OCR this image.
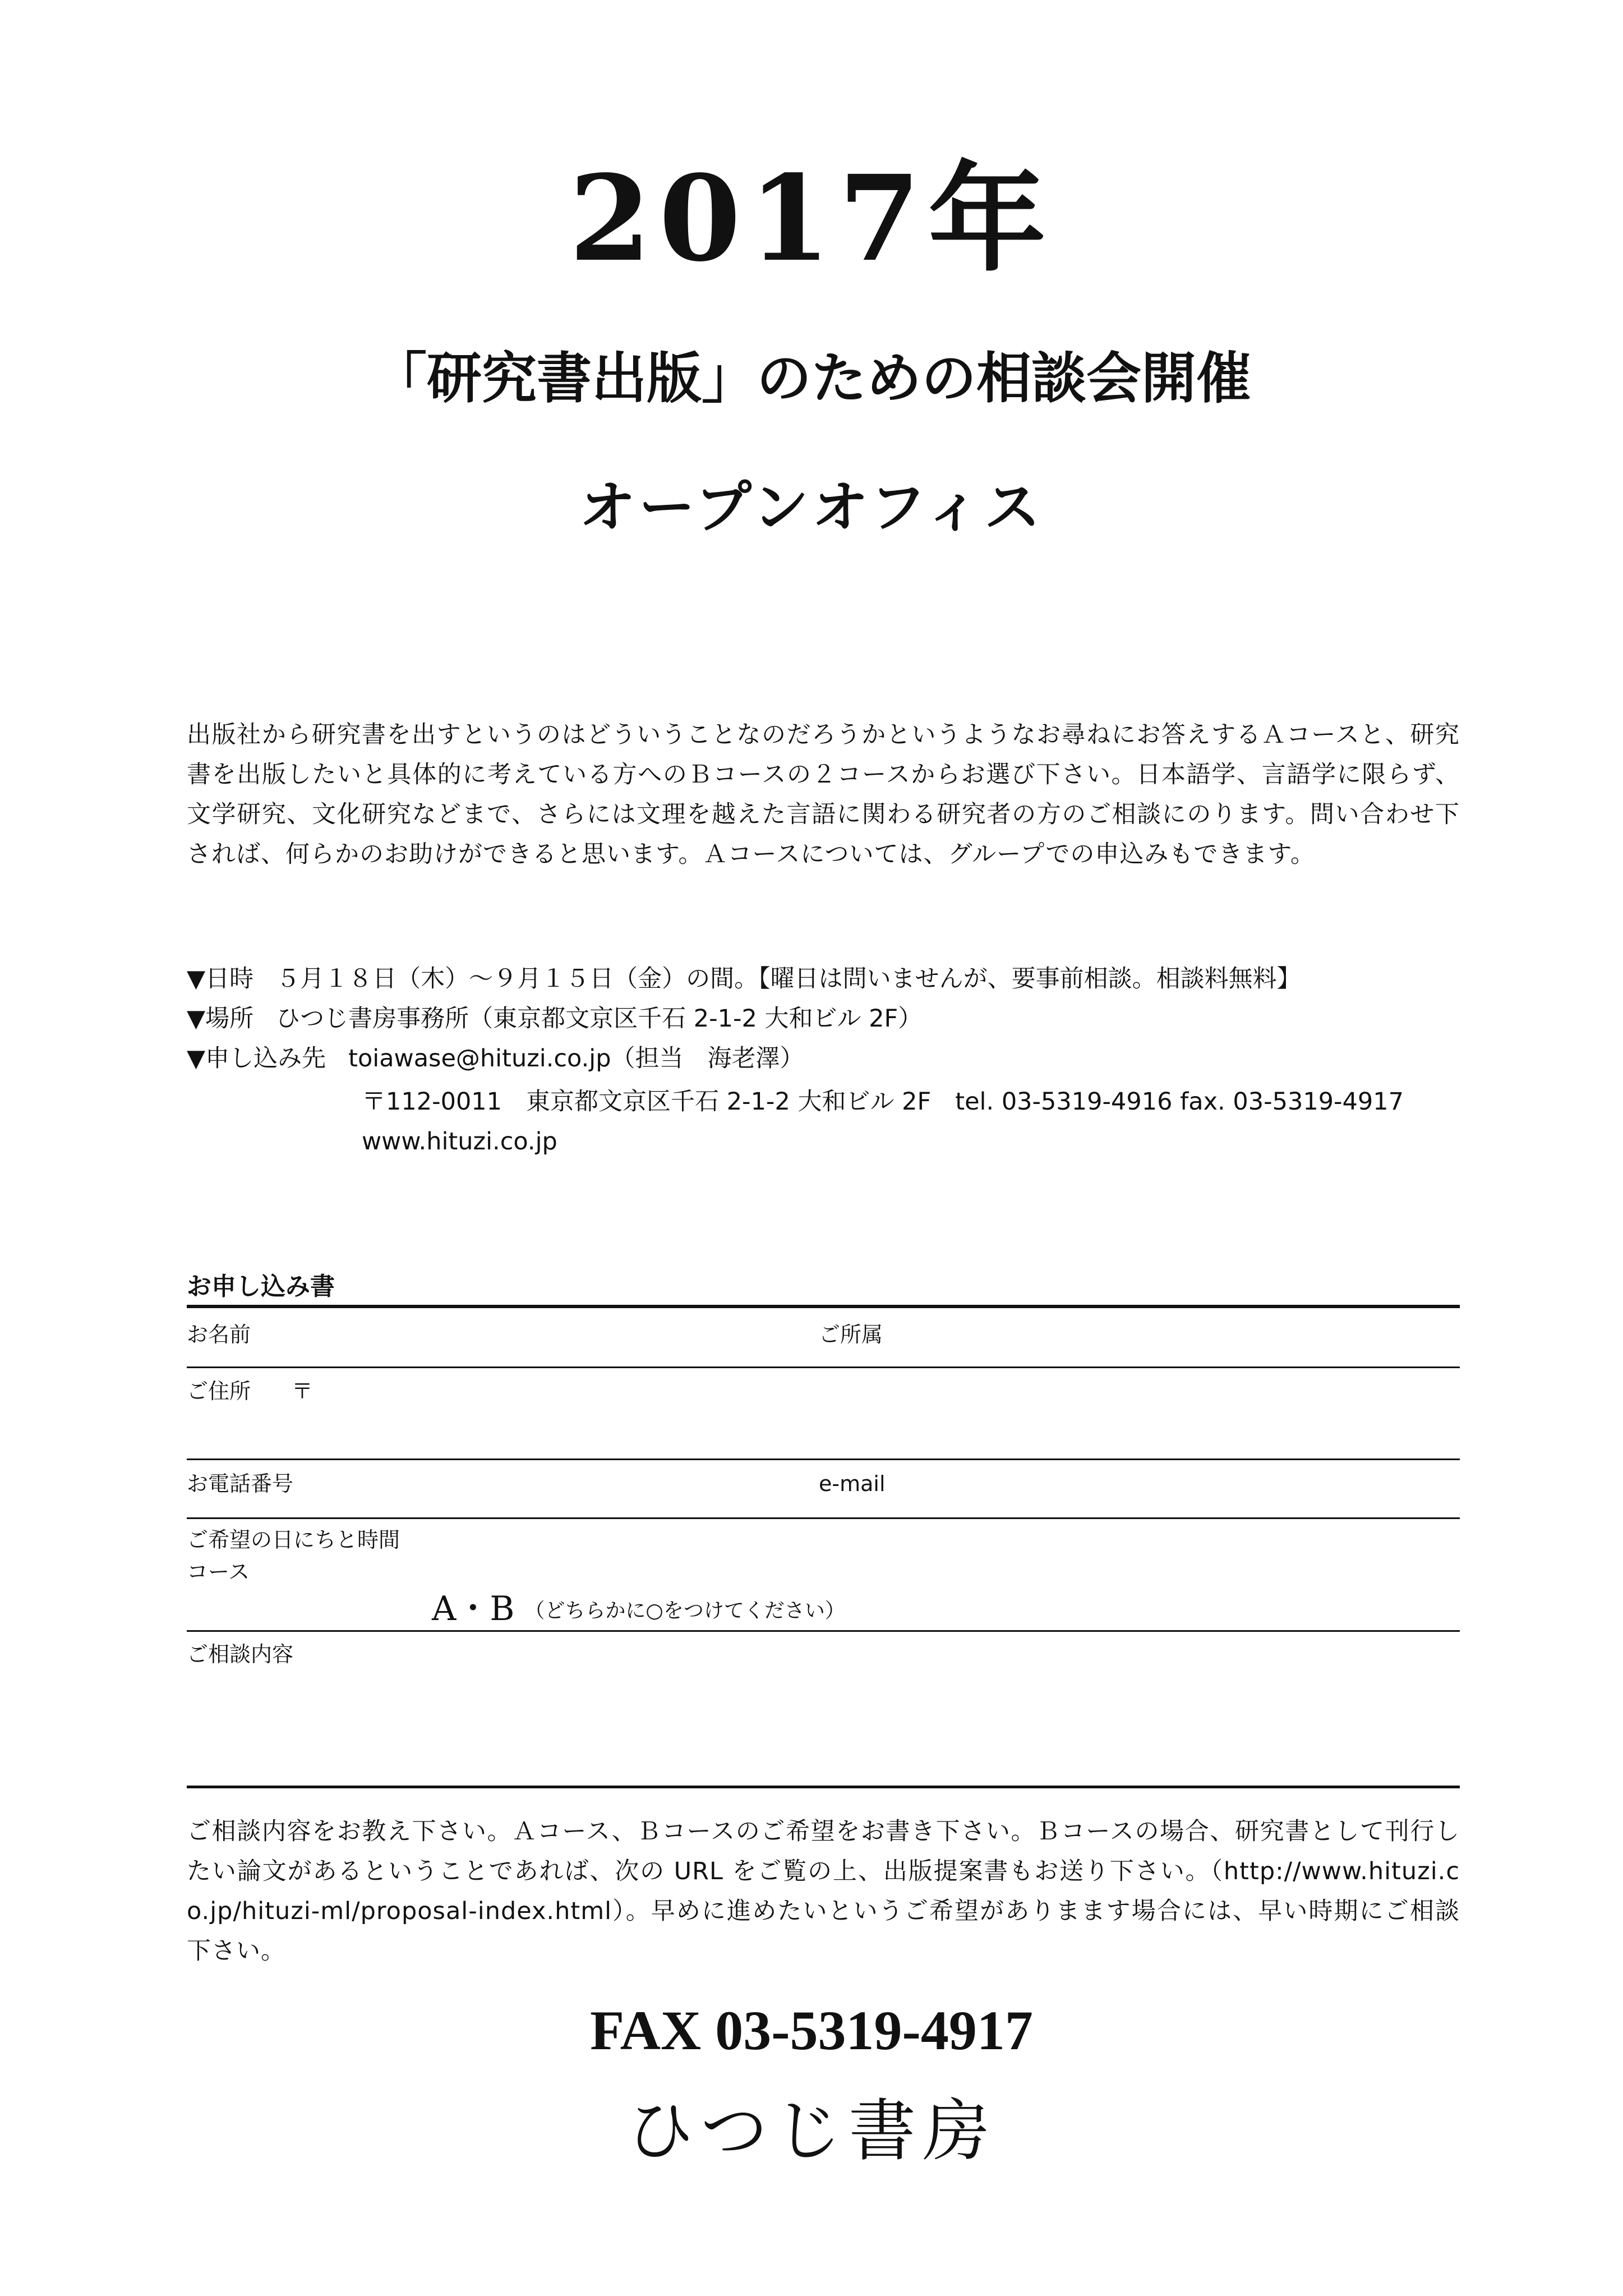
2017年
「研究書出版」のための相談会開催
オープンオフィス
出版社から研究書を出すというのはどういうことなのだろうかというようなお尋ねにお答えするＡコースと、研究書を出版したいと具体的に考えている方へのＢコースの２コースからお選び下さい。日本語学、言語学に限らず、文学研究、文化研究などまで、さらには文理を越えた言語に関わる研究者の方のご相談にのります。問い合わせ下されば、何らかのお助けができると思います。Ａコースについては、グループでの申込みもできます。
▼日時 ５月１８日（木）〜９月１５日（金）の間。【曜日は問いませんが、要事前相談。相談料無料】
▼場所 ひつじ書房事務所（東京都文京区千石 2-1-2 大和ビル 2F）
▼申し込み先 toiawase@hituzi.co.jp（担当　海老澤）
〒112-0011　東京都文京区千石 2-1-2 大和ビル 2F　tel. 03-5319-4916 fax. 03-5319-4917
www.hituzi.co.jp
お申し込み書
お名前	ご所属
ご住所 〒
お電話番号	e-mail
ご希望の日にちと時間
コース
A・B （どちらかに○をつけてください）
ご相談内容
ご相談内容をお教え下さい。Ａコース、Ｂコースのご希望をお書き下さい。Ｂコースの場合、研究書として刊行したい論文があるということであれば、次の URL をご覧の上、出版提案書もお送り下さい。（http://www.hituzi.co.jp/hituzi-ml/proposal-index.html）。早めに進めたいというご希望がありまます場合には、早い時期にご相談下さい。
FAX 03-5319-4917
ひつじ書房
